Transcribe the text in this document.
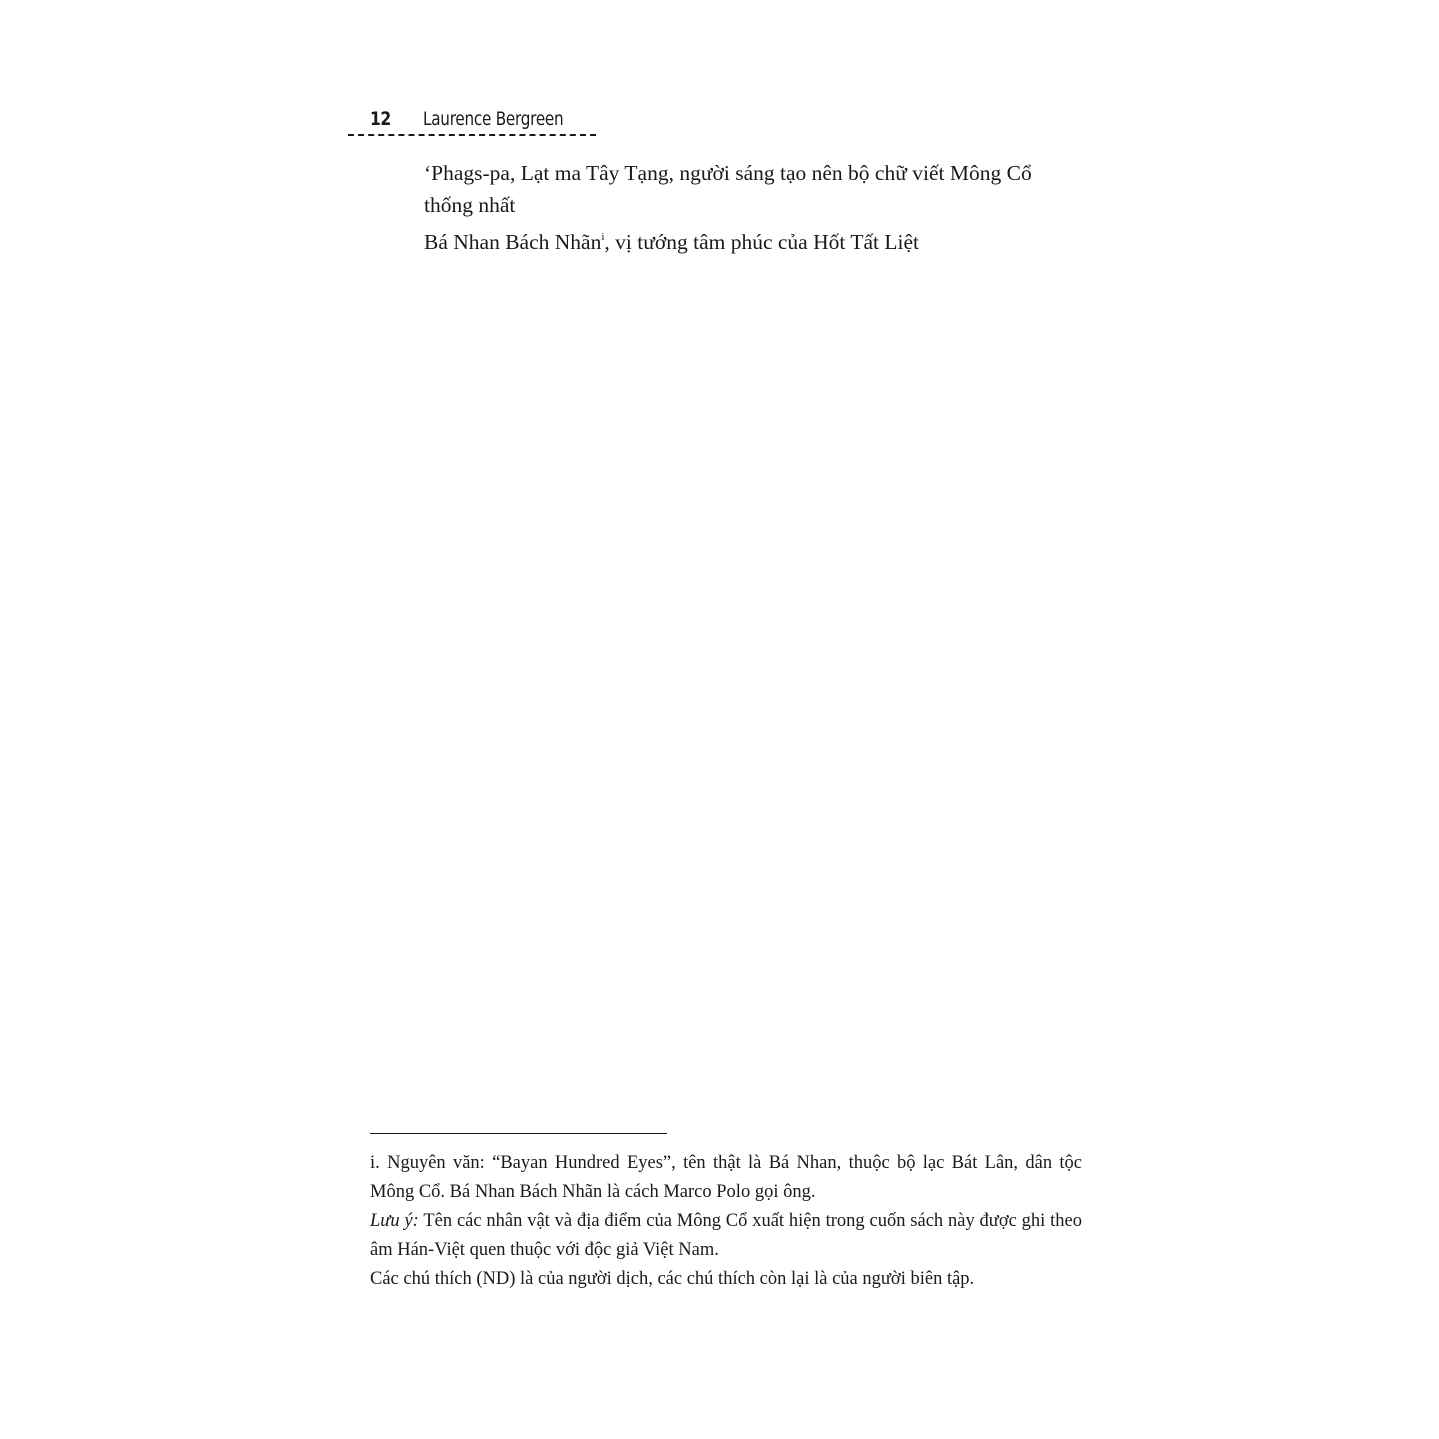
12 Laurence Bergreen

‘Phags-pa, Lạt ma Tây Tạng, người sáng tạo nên bộ chữ viết Mông Cổ thống nhất

Bá Nhan Bách Nhãn$^i$, vị tướng tâm phúc của Hốt Tất Liệt

i. Nguyên văn: “Bayan Hundred Eyes”, tên thật là Bá Nhan, thuộc bộ lạc Bát Lân, dân tộc Mông Cổ. Bá Nhan Bách Nhãn là cách Marco Polo gọi ông.

Lưu ý: Tên các nhân vật và địa điểm của Mông Cổ xuất hiện trong cuốn sách này được ghi theo âm Hán-Việt quen thuộc với độc giả Việt Nam.

Các chú thích (ND) là của người dịch, các chú thích còn lại là của người biên tập.
